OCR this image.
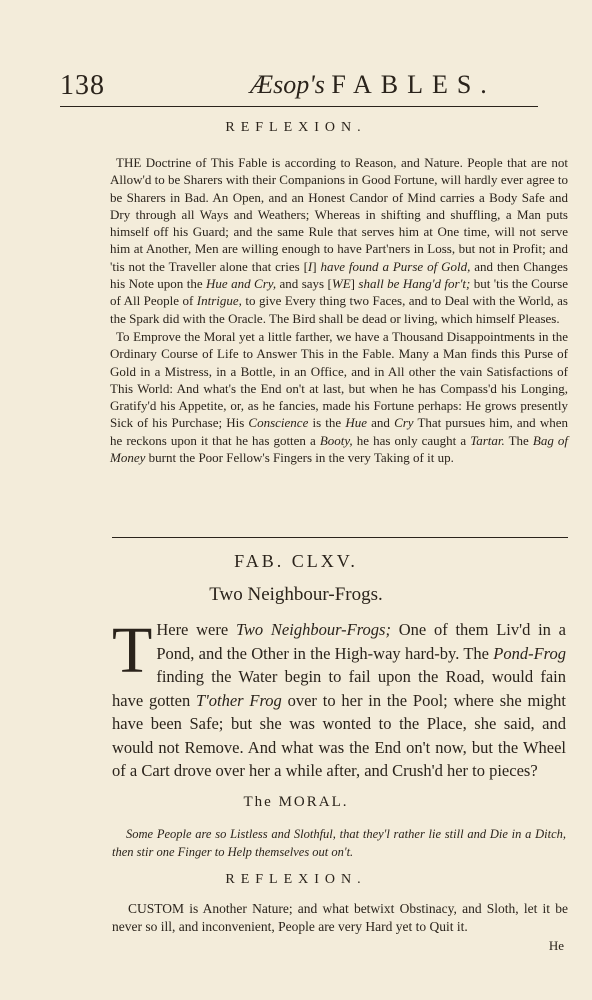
138	Æsop's FABLES.
REFLEXION.

THE Doctrine of This Fable is according to Reason, and Nature. People that are not Allow'd to be Sharers with their Companions in Good Fortune, will hardly ever agree to be Sharers in Bad. An Open, and an Honest Candor of Mind carries a Body Safe and Dry through all Ways and Weathers; Whereas in shifting and shuffling, a Man puts himself off his Guard; and the same Rule that serves him at One time, will not serve him at Another, Men are willing enough to have Part'ners in Loss, but not in Profit; and 'tis not the Traveller alone that cries [I] have found a Purse of Gold, and then Changes his Note upon the Hue and Cry, and says [WE] shall be Hang'd for't; but 'tis the Course of All People of Intrigue, to give Every thing two Faces, and to Deal with the World, as the Spark did with the Oracle. The Bird shall be dead or living, which himself Pleases.

To Emprove the Moral yet a little farther, we have a Thousand Disappointments in the Ordinary Course of Life to Answer This in the Fable. Many a Man finds this Purse of Gold in a Mistress, in a Bottle, in an Office, and in All other the vain Satisfactions of This World: And what's the End on't at last, but when he has Compass'd his Longing, Gratify'd his Appetite, or, as he fancies, made his Fortune perhaps: He grows presently Sick of his Purchase; His Conscience is the Hue and Cry That pursues him, and when he reckons upon it that he has gotten a Booty, he has only caught a Tartar. The Bag of Money burnt the Poor Fellow's Fingers in the very Taking of it up.

FAB. CLXV.
Two Neighbour-Frogs.
T Here were Two Neighbour-Frogs; One of them Liv'd in a Pond, and the Other in the High-way hard-by. The Pond-Frog finding the Water begin to fail upon the Road, would fain have gotten T'other Frog over to her in the Pool; where she might have been Safe; but she was wonted to the Place, she said, and would not Remove. And what was the End on't now, but the Wheel of a Cart drove over her a while after, and Crush'd her to pieces?
The MORAL.
Some People are so Listless and Slothful, that they'l rather lie still and Die in a Ditch, then stir one Finger to Help themselves out on't.
REFLEXION.

CUSTOM is Another Nature; and what betwixt Obstinacy, and Sloth, let it be never so ill, and inconvenient, People are very Hard yet to Quit it.

He
